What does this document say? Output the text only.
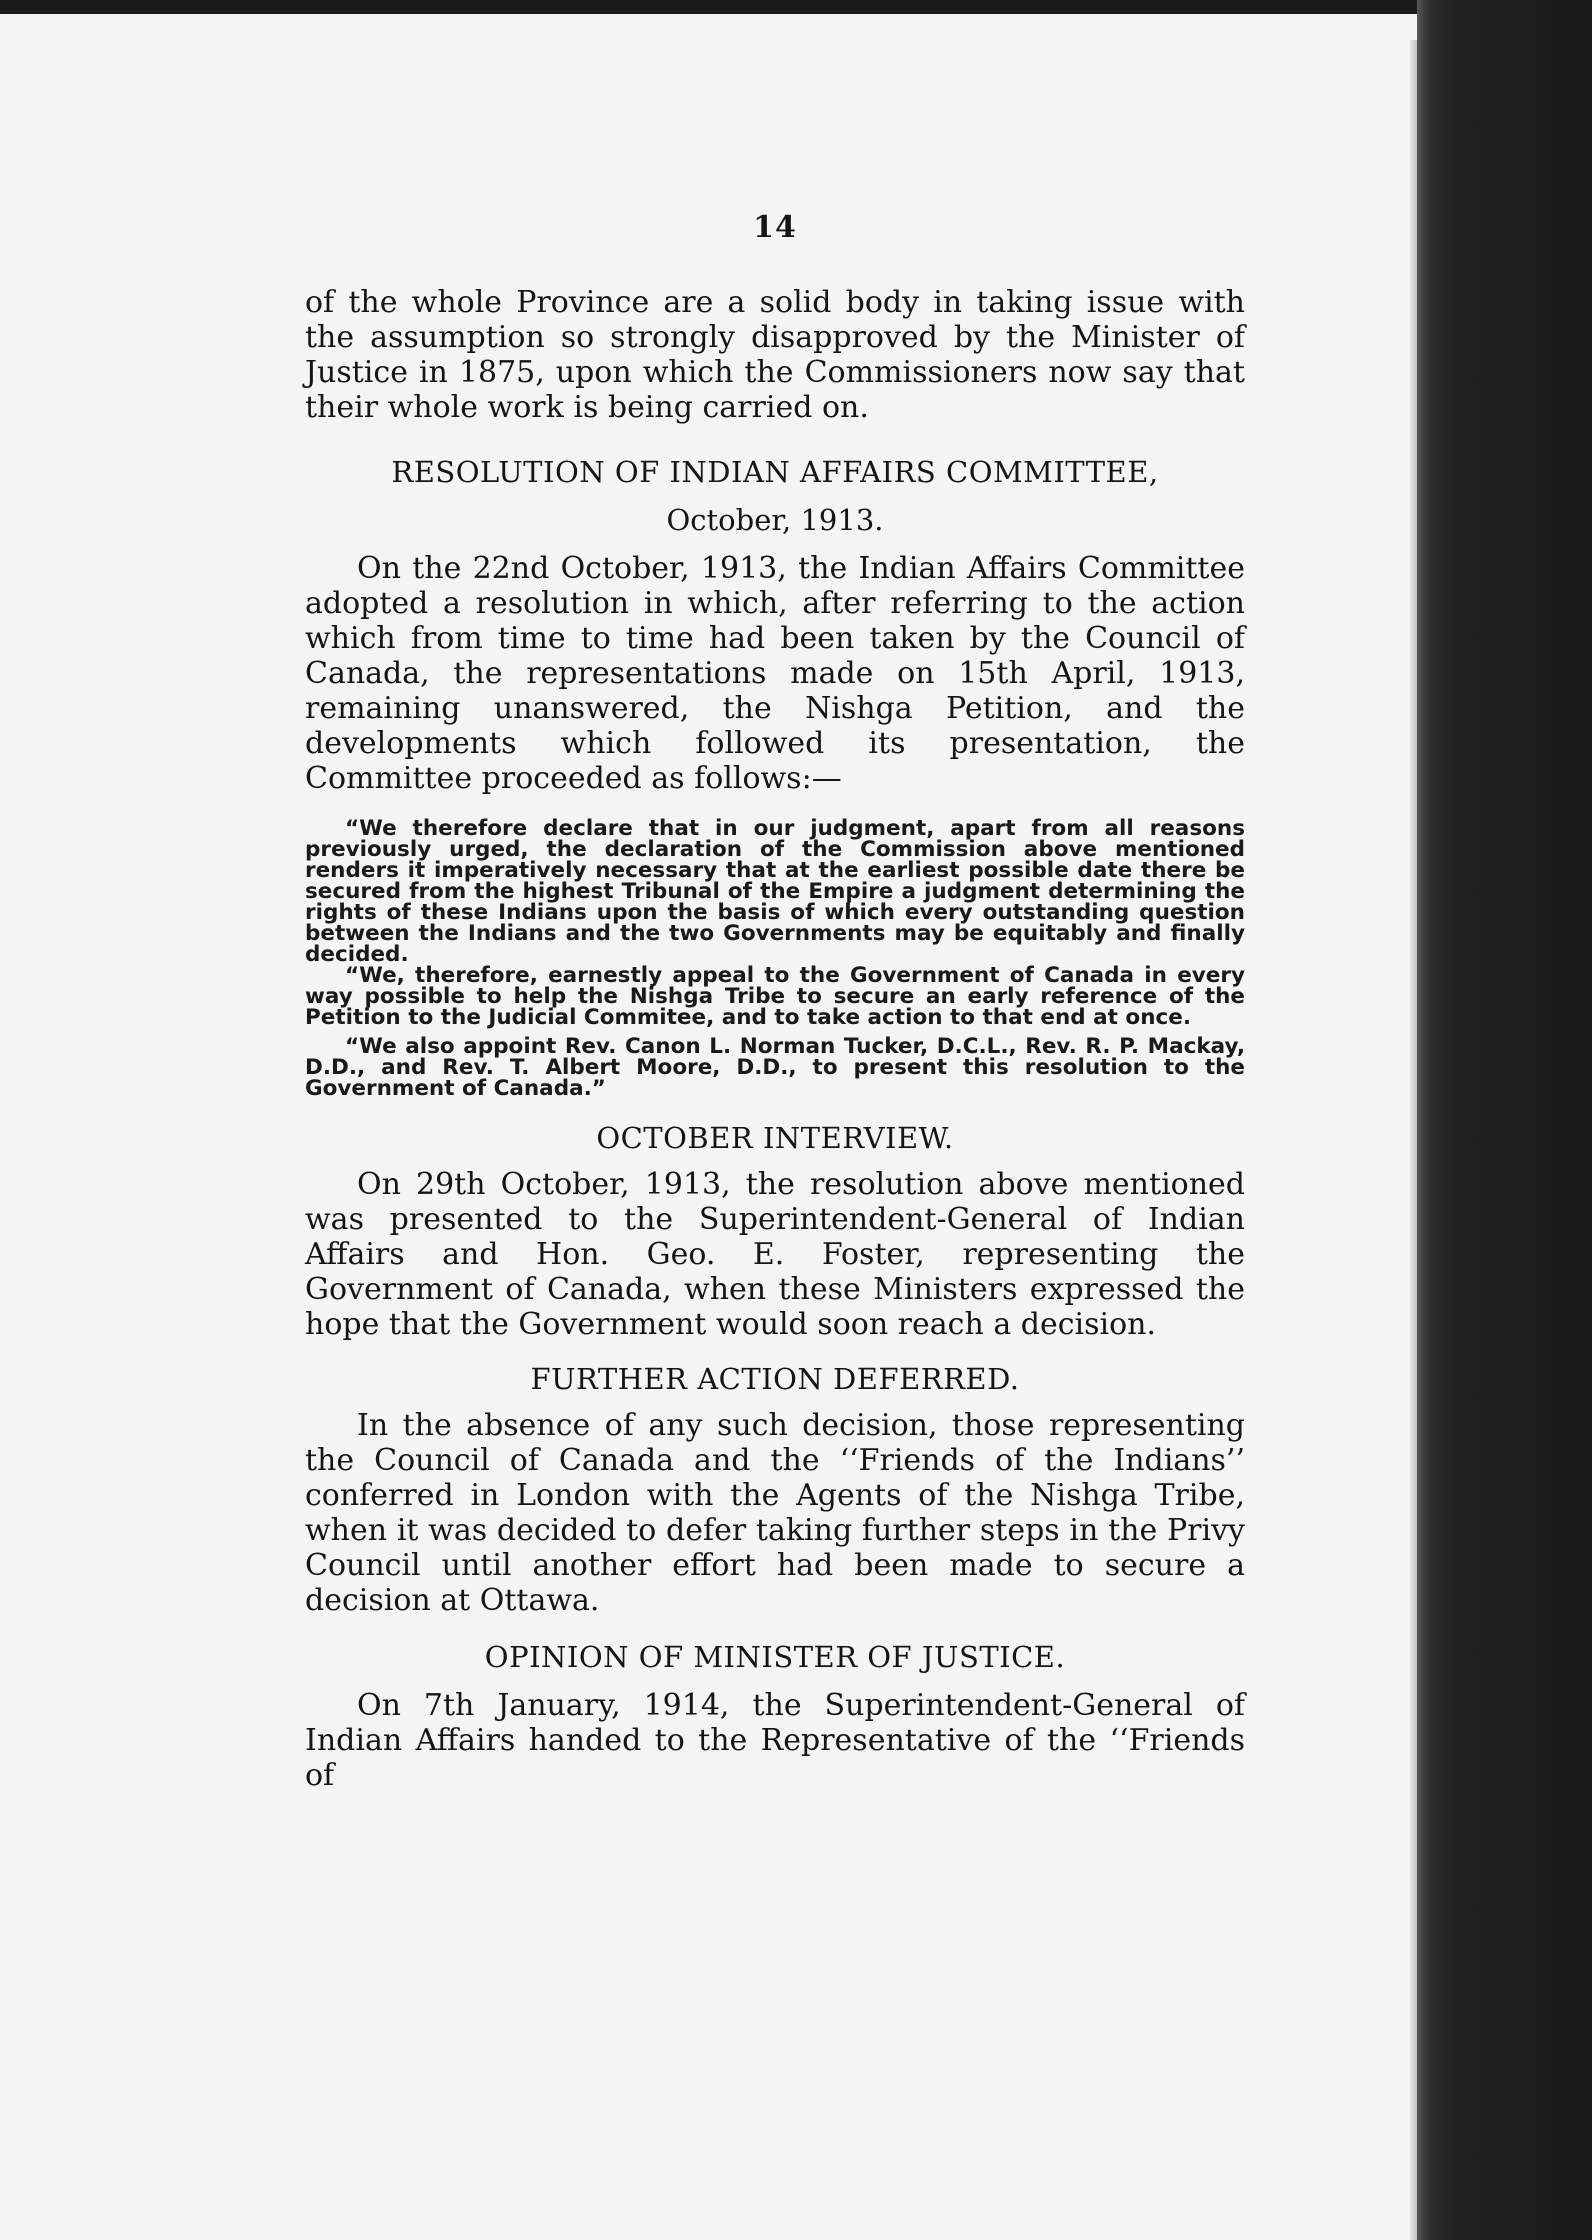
14

of the whole Province are a solid body in taking issue with the assumption so strongly disapproved by the Minister of Justice in 1875, upon which the Commissioners now say that their whole work is being carried on.

RESOLUTION OF INDIAN AFFAIRS COMMITTEE,

October, 1913.

On the 22nd October, 1913, the Indian Affairs Committee adopted a resolution in which, after referring to the action which from time to time had been taken by the Council of Canada, the representations made on 15th April, 1913, remaining unanswered, the Nishga Petition, and the developments which followed its presentation, the Committee proceeded as follows:—

“We therefore declare that in our judgment, apart from all reasons previously urged, the declaration of the Commission above mentioned renders it imperatively necessary that at the earliest possible date there be secured from the highest Tribunal of the Empire a judgment determining the rights of these Indians upon the basis of which every outstanding question between the Indians and the two Governments may be equitably and finally decided.

“We, therefore, earnestly appeal to the Government of Canada in every way possible to help the Nishga Tribe to secure an early reference of the Petition to the Judicial Commitee, and to take action to that end at once.

“We also appoint Rev. Canon L. Norman Tucker, D.C.L., Rev. R. P. Mackay, D.D., and Rev. T. Albert Moore, D.D., to present this resolution to the Government of Canada.”

OCTOBER INTERVIEW.

On 29th October, 1913, the resolution above mentioned was presented to the Superintendent-General of Indian Affairs and Hon. Geo. E. Foster, representing the Government of Canada, when these Ministers expressed the hope that the Government would soon reach a decision.

FURTHER ACTION DEFERRED.

In the absence of any such decision, those representing the Council of Canada and the ‘‘Friends of the Indians’’ conferred in London with the Agents of the Nishga Tribe, when it was decided to defer taking further steps in the Privy Council until another effort had been made to secure a decision at Ottawa.

OPINION OF MINISTER OF JUSTICE.

On 7th January, 1914, the Superintendent-General of Indian Affairs handed to the Representative of the ‘‘Friends of
